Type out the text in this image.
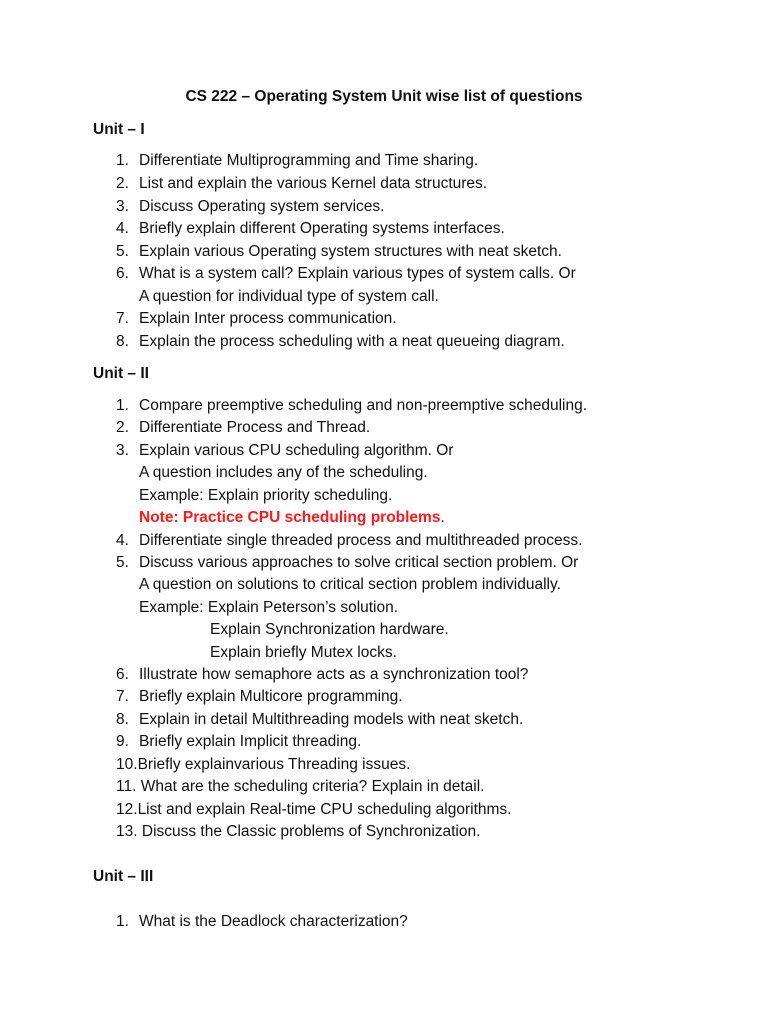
CS 222 – Operating System Unit wise list of questions
Unit – I
1. Differentiate Multiprogramming and Time sharing.
2. List and explain the various Kernel data structures.
3. Discuss Operating system services.
4. Briefly explain different Operating systems interfaces.
5. Explain various Operating system structures with neat sketch.
6. What is a system call? Explain various types of system calls. Or
A question for individual type of system call.
7. Explain Inter process communication.
8. Explain the process scheduling with a neat queueing diagram.
Unit – II
1. Compare preemptive scheduling and non-preemptive scheduling.
2. Differentiate Process and Thread.
3. Explain various CPU scheduling algorithm. Or
A question includes any of the scheduling.
Example: Explain priority scheduling.
Note: Practice CPU scheduling problems.
4. Differentiate single threaded process and multithreaded process.
5. Discuss various approaches to solve critical section problem. Or
A question on solutions to critical section problem individually.
Example: Explain Peterson’s solution.
Explain Synchronization hardware.
Explain briefly Mutex locks.
6. Illustrate how semaphore acts as a synchronization tool?
7. Briefly explain Multicore programming.
8. Explain in detail Multithreading models with neat sketch.
9. Briefly explain Implicit threading.
10.Briefly explainvarious Threading issues.
11. What are the scheduling criteria? Explain in detail.
12.List and explain Real-time CPU scheduling algorithms.
13. Discuss the Classic problems of Synchronization.
Unit – III
1. What is the Deadlock characterization?
